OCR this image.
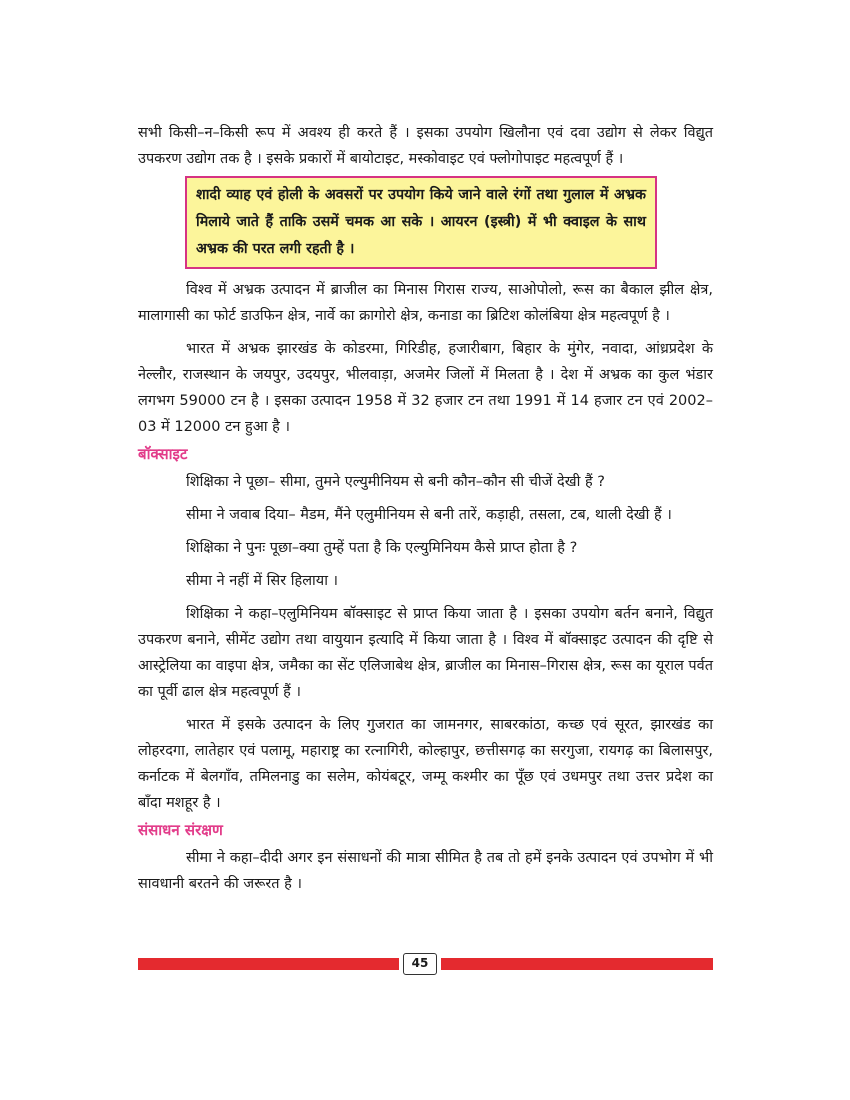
सभी किसी–न–किसी रूप में अवश्य ही करते हैं । इसका उपयोग खिलौना एवं दवा उद्योग से लेकर विद्युत उपकरण उद्योग तक है । इसके प्रकारों में बायोटाइट, मस्कोवाइट एवं फ्लोगोपाइट महत्वपूर्ण हैं ।

शादी व्याह एवं होली के अवसरों पर उपयोग किये जाने वाले रंगों तथा गुलाल में अभ्रक मिलाये जाते हैं ताकि उसमें चमक आ सके । आयरन (इस्त्री) में भी क्वाइल के साथ अभ्रक की परत लगी रहती है ।

विश्व में अभ्रक उत्पादन में ब्राजील का मिनास गिरास राज्य, साओपोलो, रूस का बैकाल झील क्षेत्र, मालागासी का फोर्ट डाउफिन क्षेत्र, नार्वे का क्रागोरो क्षेत्र, कनाडा का ब्रिटिश कोलंबिया क्षेत्र महत्वपूर्ण है ।

भारत में अभ्रक झारखंड के कोडरमा, गिरिडीह, हजारीबाग, बिहार के मुंगेर, नवादा, आंध्रप्रदेश के नेल्लौर, राजस्थान के जयपुर, उदयपुर, भीलवाड़ा, अजमेर जिलों में मिलता है । देश में अभ्रक का कुल भंडार लगभग 59000 टन है । इसका उत्पादन 1958 में 32 हजार टन तथा 1991 में 14 हजार टन एवं 2002–03 में 12000 टन हुआ है ।

बॉक्साइट

शिक्षिका ने पूछा– सीमा, तुमने एल्युमीनियम से बनी कौन–कौन सी चीजें देखी हैं ?

सीमा ने जवाब दिया– मैडम, मैंने एलुमीनियम से बनी तारें, कड़ाही, तसला, टब, थाली देखी हैं ।

शिक्षिका ने पुनः पूछा–क्या तुम्हें पता है कि एल्युमिनियम कैसे प्राप्त होता है ?

सीमा ने नहीं में सिर हिलाया ।

शिक्षिका ने कहा–एलुमिनियम बॉक्साइट से प्राप्त किया जाता है । इसका उपयोग बर्तन बनाने, विद्युत उपकरण बनाने, सीमेंट उद्योग तथा वायुयान इत्यादि में किया जाता है । विश्व में बॉक्साइट उत्पादन की दृष्टि से आस्ट्रेलिया का वाइपा क्षेत्र, जमैका का सेंट एलिजाबेथ क्षेत्र, ब्राजील का मिनास–गिरास क्षेत्र, रूस का यूराल पर्वत का पूर्वी ढाल क्षेत्र महत्वपूर्ण हैं ।

भारत में इसके उत्पादन के लिए गुजरात का जामनगर, साबरकांठा, कच्छ एवं सूरत, झारखंड का लोहरदगा, लातेहार एवं पलामू, महाराष्ट्र का रत्नागिरी, कोल्हापुर, छत्तीसगढ़ का सरगुजा, रायगढ़ का बिलासपुर, कर्नाटक में बेलगाँव, तमिलनाडु का सलेम, कोयंबटूर, जम्मू कश्मीर का पूँछ एवं उधमपुर तथा उत्तर प्रदेश का बाँदा मशहूर है ।

संसाधन संरक्षण

सीमा ने कहा–दीदी अगर इन संसाधनों की मात्रा सीमित है तब तो हमें इनके उत्पादन एवं उपभोग में भी सावधानी बरतने की जरूरत है ।

45
